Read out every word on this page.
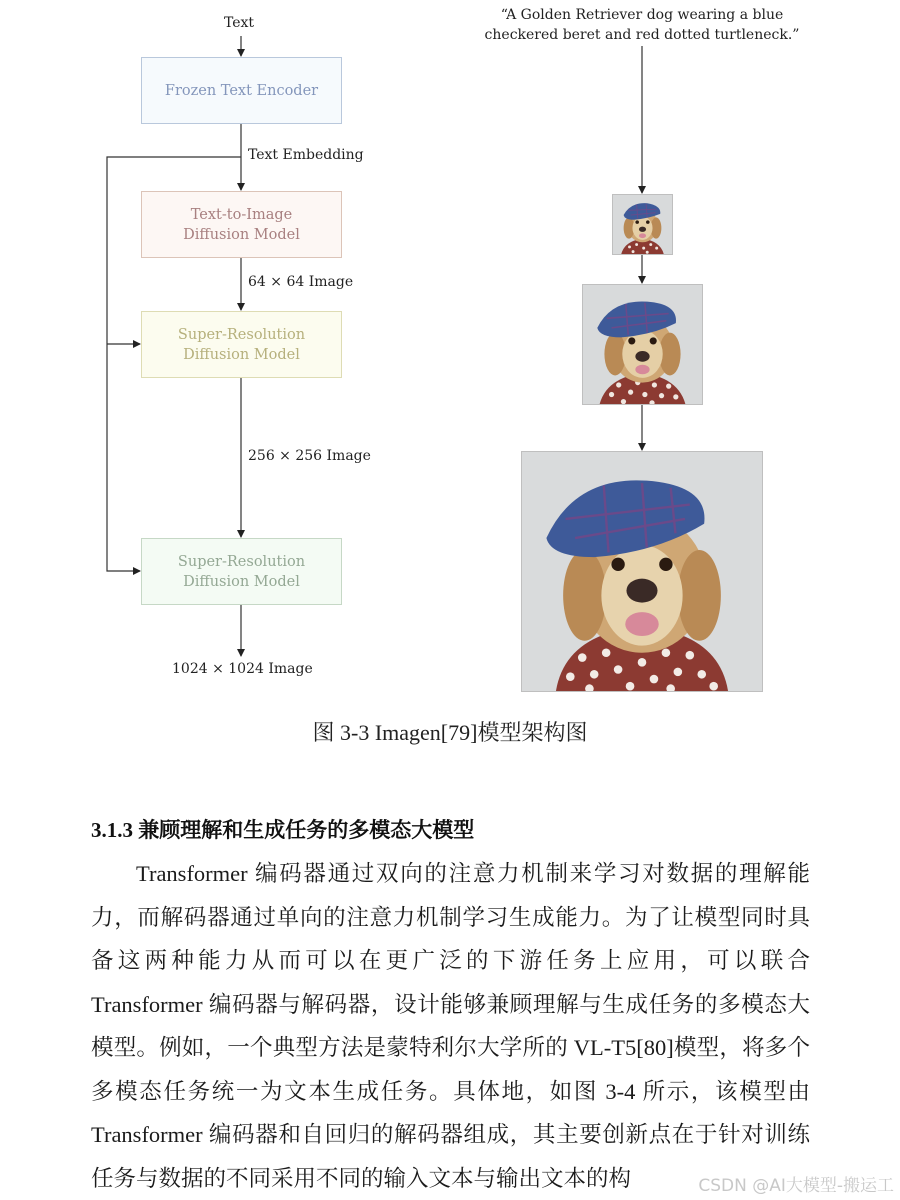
Text
Frozen Text Encoder
Text Embedding
Text-to-Image
Diffusion Model
64 × 64 Image
Super-Resolution
Diffusion Model
256 × 256 Image
Super-Resolution
Diffusion Model
1024 × 1024 Image
“A Golden Retriever dog wearing a blue
checkered beret and red dotted turtleneck.”
图 3-3 Imagen[79]模型架构图
3.1.3 兼顾理解和生成任务的多模态大模型

Transformer 编码器通过双向的注意力机制来学习对数据的理解能力，而解码器通过单向的注意力机制学习生成能力。为了让模型同时具备这两种能力从而可以在更广泛的下游任务上应用，可以联合 Transformer 编码器与解码器，设计能够兼顾理解与生成任务的多模态大模型。例如，一个典型方法是蒙特利尔大学所的 VL-T5[80]模型，将多个多模态任务统一为文本生成任务。具体地，如图 3-4 所示，该模型由 Transformer 编码器和自回归的解码器组成，其主要创新点在于针对训练任务与数据的不同采用不同的输入文本与输出文本的构	CSDN @AI大模型-搬运工
